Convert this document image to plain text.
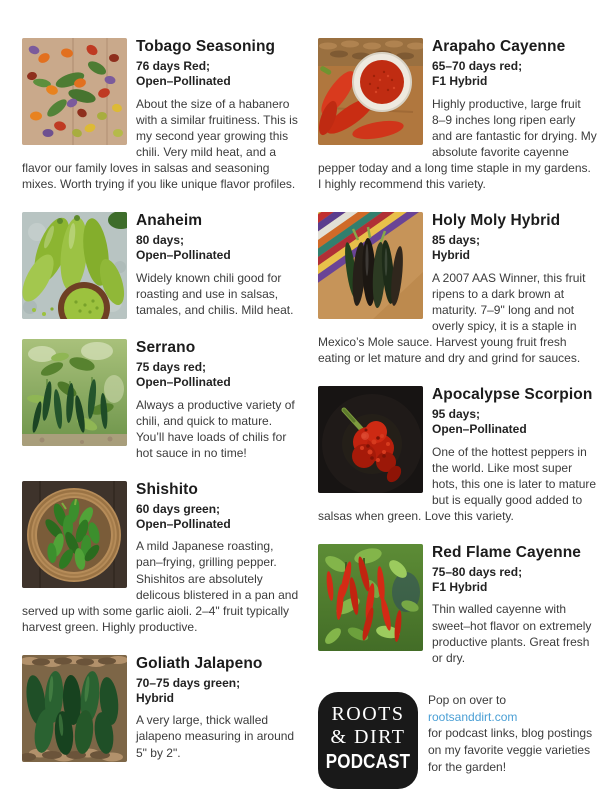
Tobago Seasoning

76 days Red;
Open–Pollinated

About the size of a habanero with a similar fruitiness. This is my second year growing this chili. Very mild heat, and a flavor our family loves in salsas and seasoning mixes. Worth trying if you like unique flavor profiles.

Anaheim

80 days;
Open–Pollinated

Widely known chili good for roasting and use in salsas, tamales, and chilis. Mild heat.

Serrano

75 days red;
Open–Pollinated

Always a productive variety of chili, and quick to mature. You’ll have loads of chilis for hot sauce in no time!

Shishito

60 days green;
Open–Pollinated

A mild Japanese roasting, pan–frying, grilling pepper. Shishitos are absolutely delicous blistered in a pan and served up with some garlic aioli. 2–4" fruit typically harvest green. Highly productive.

Goliath Jalapeno

70–75 days green;
Hybrid

A very large, thick walled jalapeno measuring in around 5" by 2".

Arapaho Cayenne

65–70 days red;
F1 Hybrid

Highly productive, large fruit 8–9 inches long ripen early and are fantastic for drying. My absolute favorite cayenne pepper today and a long time staple in my gardens. I highly recommend this variety.

Holy Moly Hybrid

85 days;
Hybrid

A 2007 AAS Winner, this fruit ripens to a dark brown at maturity. 7–9" long and not overly spicy, it is a staple in Mexico’s Mole sauce. Harvest young fruit fresh eating or let mature and dry and grind for sauces.

Apocalypse Scorpion

95 days;
Open–Pollinated

One of the hottest peppers in the world. Like most super hots, this one is later to mature but is equally good added to salsas when green. Love this variety.

Red Flame Cayenne

75–80 days red;
F1 Hybrid

Thin walled cayenne with sweet–hot flavor on extremely productive plants. Great fresh or dry.

ROOTS
& DIRT
PODCAST

Pop on over to
rootsanddirt.com
for podcast links, blog postings on my favorite veggie varieties for the garden!
